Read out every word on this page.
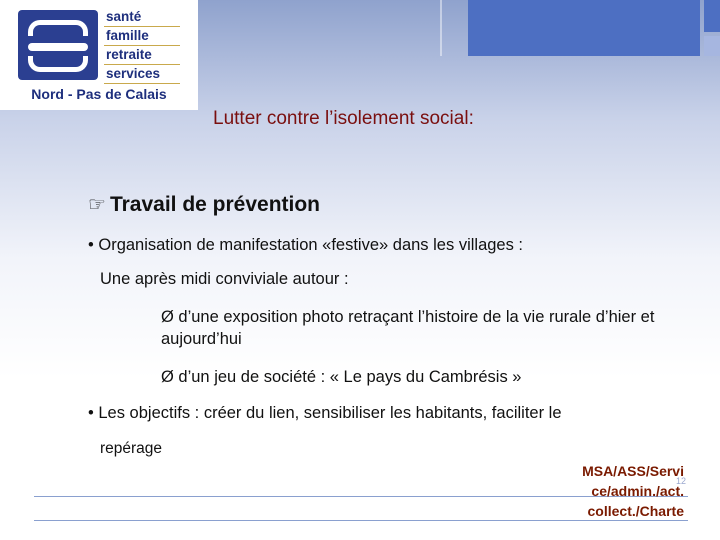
santé
famille
retraite
services
Nord - Pas de Calais
Lutter contre l’isolement social:
☞ Travail de prévention
• Organisation de manifestation «festive» dans les villages :
Une après midi conviviale autour :
Ø d’une exposition photo retraçant l’histoire de la vie rurale d’hier et aujourd’hui
Ø d’un jeu de société : « Le pays du Cambrésis »
• Les objectifs : créer du lien, sensibiliser les habitants, faciliter le
repérage
MSA/ASS/Servi
ce/admin./act.
collect./Charte
12
